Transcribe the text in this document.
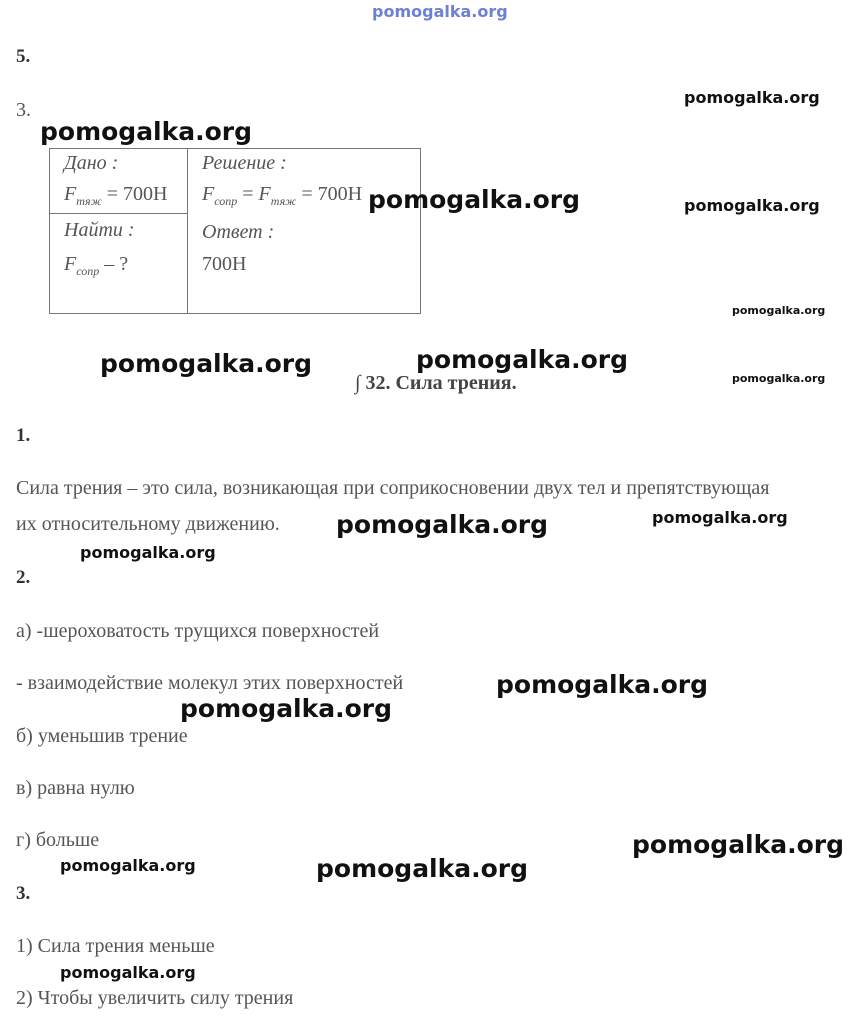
pomogalka.org
5.
3.
Дано :
$F_{тяж} = 700Н$
Найти :
$F_{сопр}$ – ?
Решение :
$F_{сопр} = F_{тяж} = 700Н$
Ответ :
700Н
∫ 32. Сила трения.
1.
Сила трения – это сила, возникающая при соприкосновении двух тел и препятствующая
их относительному движению.
2.
а) -шероховатость трущихся поверхностей
- взаимодействие молекул этих поверхностей
б) уменьшив трение
в) равна нулю
г) больше
3.
1) Сила трения меньше
2) Чтобы увеличить силу трения
pomogalka.org
pomogalka.org
pomogalka.org	pomogalka.org
pomogalka.org
pomogalka.org
pomogalka.org
pomogalka.org
pomogalka.org
pomogalka.org
pomogalka.org
pomogalka.org
pomogalka.org
pomogalka.org
pomogalka.org	pomogalka.org
pomogalka.org
